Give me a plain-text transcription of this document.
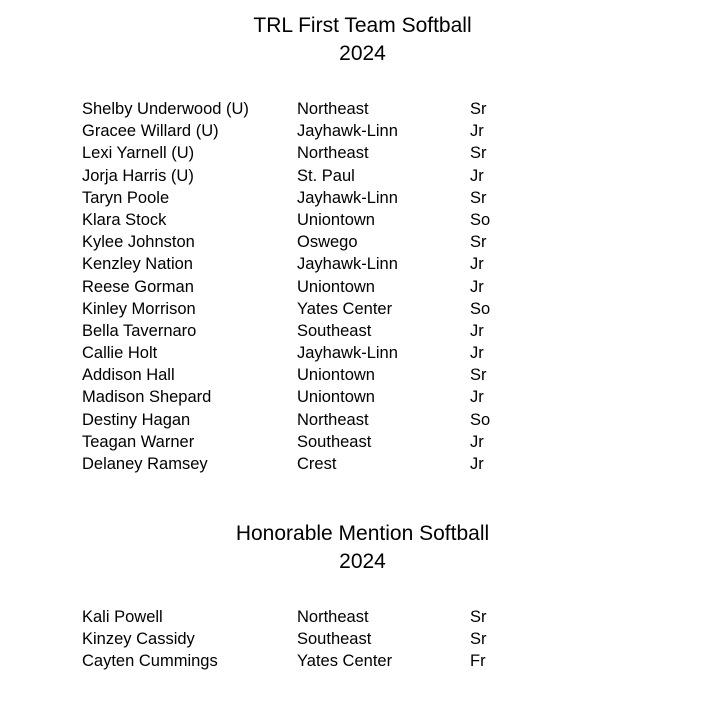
TRL First Team Softball
2024
Shelby Underwood (U)	Northeast	Sr
Gracee Willard (U)	Jayhawk-Linn	Jr
Lexi Yarnell (U)	Northeast	Sr
Jorja Harris (U)	St. Paul	Jr
Taryn Poole	Jayhawk-Linn	Sr
Klara Stock	Uniontown	So
Kylee Johnston	Oswego	Sr
Kenzley Nation	Jayhawk-Linn	Jr
Reese Gorman	Uniontown	Jr
Kinley Morrison	Yates Center	So
Bella Tavernaro	Southeast	Jr
Callie Holt	Jayhawk-Linn	Jr
Addison Hall	Uniontown	Sr
Madison Shepard	Uniontown	Jr
Destiny Hagan	Northeast	So
Teagan Warner	Southeast	Jr
Delaney Ramsey	Crest	Jr
Honorable Mention Softball
2024
Kali Powell	Northeast	Sr
Kinzey Cassidy	Southeast	Sr
Cayten Cummings	Yates Center	Fr
